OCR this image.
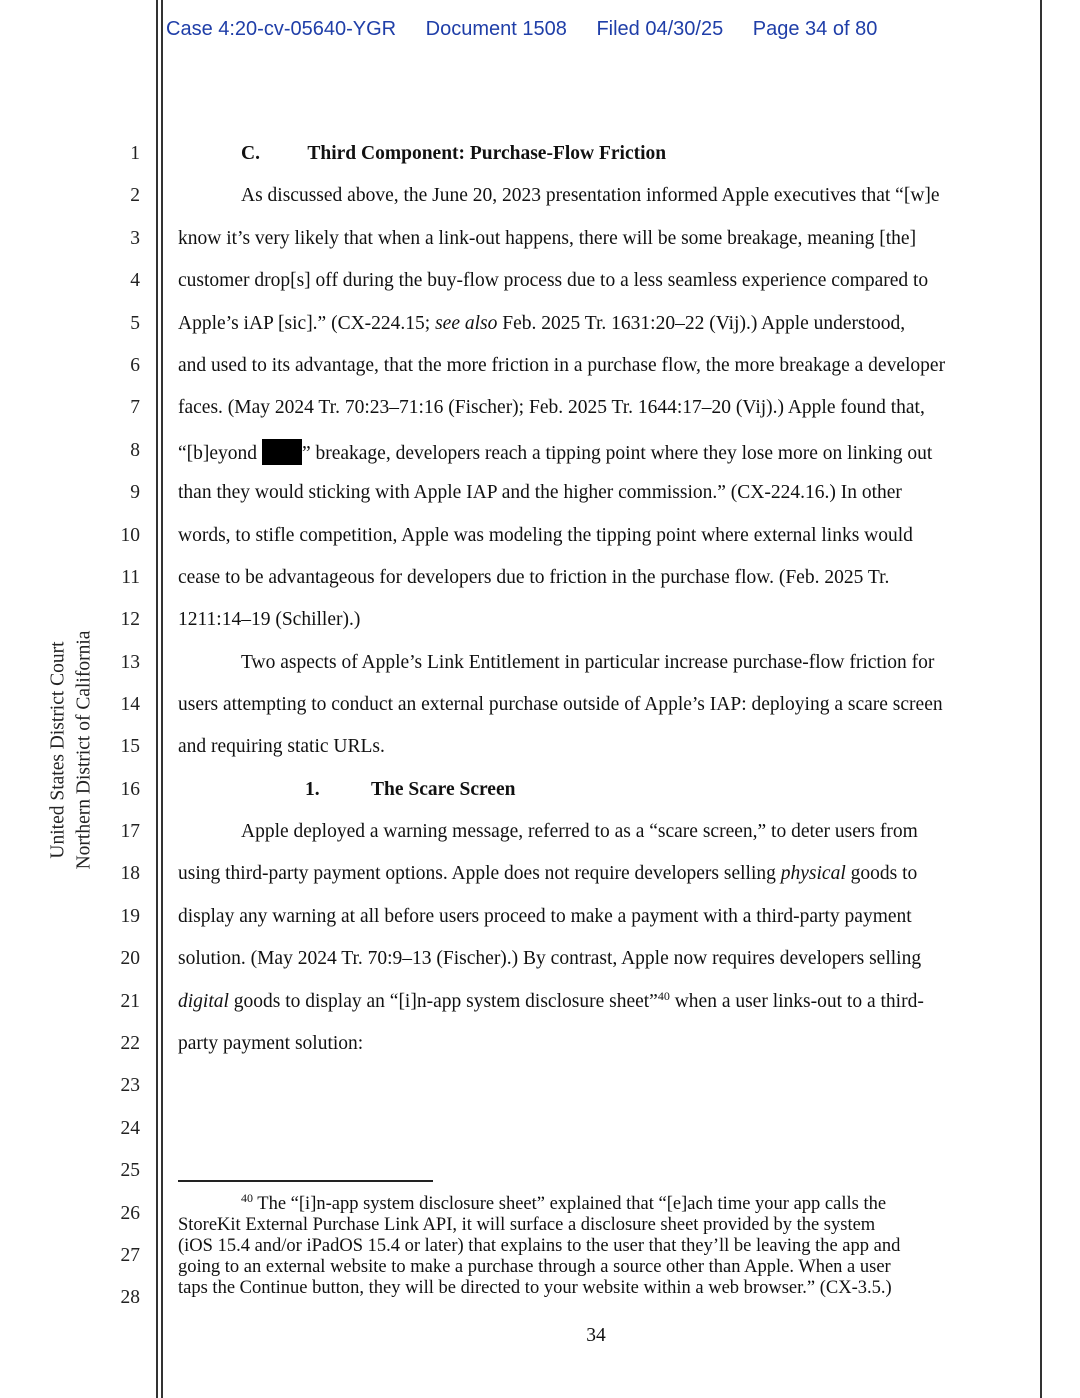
Case 4:20-cv-05640-YGR Document 1508 Filed 04/30/25 Page 34 of 80
United States District Court Northern District of California
1
2
3
4
5
6
7
8
9
10
11
12
13
14
15
16
17
18
19
20
21
22
23
24
25
26
27
28
C. Third Component: Purchase-Flow Friction
As discussed above, the June 20, 2023 presentation informed Apple executives that “[w]e
know it’s very likely that when a link-out happens, there will be some breakage, meaning [the]
customer drop[s] off during the buy-flow process due to a less seamless experience compared to
Apple’s iAP [sic].” (CX-224.15; see also Feb. 2025 Tr. 1631:20–22 (Vij).) Apple understood,
and used to its advantage, that the more friction in a purchase flow, the more breakage a developer
faces. (May 2024 Tr. 70:23–71:16 (Fischer); Feb. 2025 Tr. 1644:17–20 (Vij).) Apple found that,
“[b]eyond ” breakage, developers reach a tipping point where they lose more on linking out
than they would sticking with Apple IAP and the higher commission.” (CX-224.16.) In other
words, to stifle competition, Apple was modeling the tipping point where external links would
cease to be advantageous for developers due to friction in the purchase flow. (Feb. 2025 Tr.
1211:14–19 (Schiller).)
Two aspects of Apple’s Link Entitlement in particular increase purchase-flow friction for
users attempting to conduct an external purchase outside of Apple’s IAP: deploying a scare screen
and requiring static URLs.
1.	The Scare Screen
Apple deployed a warning message, referred to as a “scare screen,” to deter users from
using third-party payment options. Apple does not require developers selling physical goods to
display any warning at all before users proceed to make a payment with a third-party payment
solution. (May 2024 Tr. 70:9–13 (Fischer).) By contrast, Apple now requires developers selling
digital goods to display an “[i]n-app system disclosure sheet”$^{40}$ when a user links-out to a third-
party payment solution:
$^{40}$ The “[i]n-app system disclosure sheet” explained that “[e]ach time your app calls the
StoreKit External Purchase Link API, it will surface a disclosure sheet provided by the system
(iOS 15.4 and/or iPadOS 15.4 or later) that explains to the user that they’ll be leaving the app and
going to an external website to make a purchase through a source other than Apple. When a user
taps the Continue button, they will be directed to your website within a web browser.” (CX-3.5.)
34
